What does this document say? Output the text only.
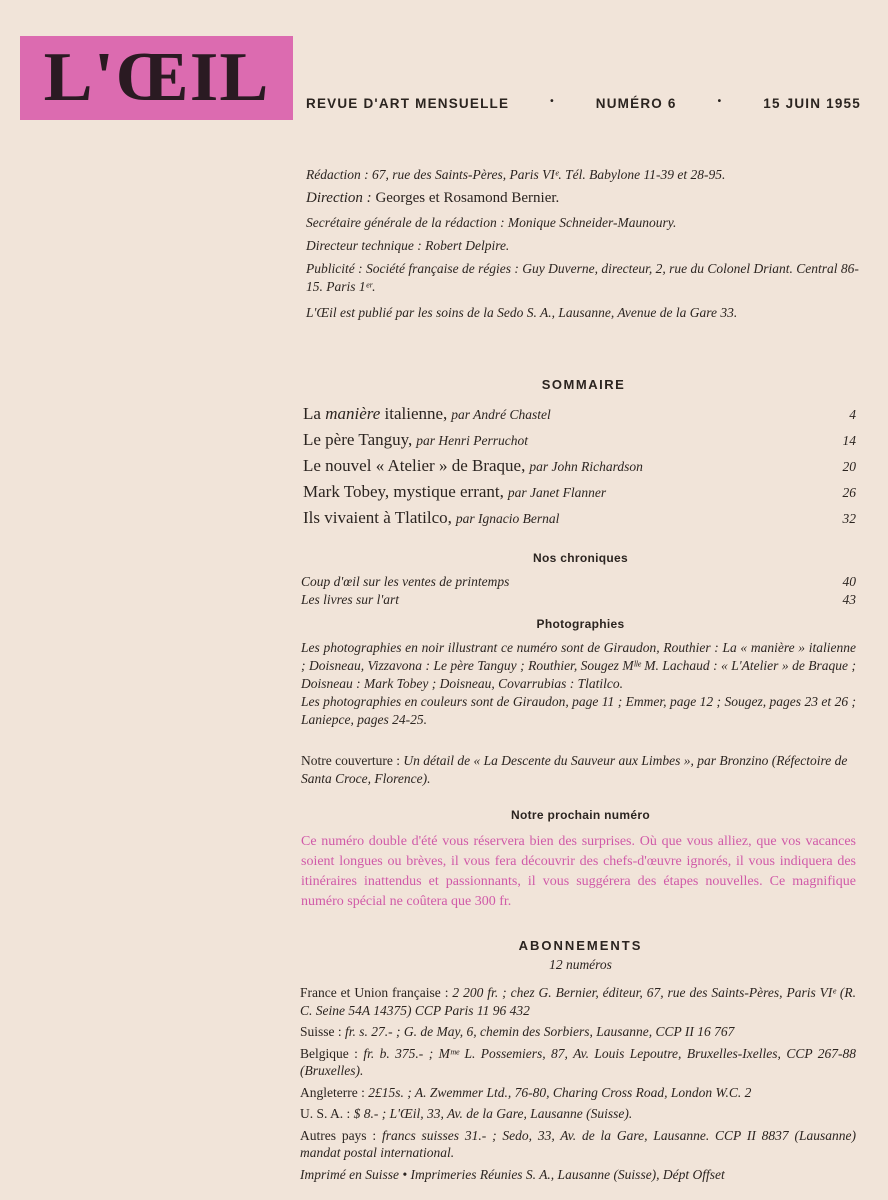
L'ŒIL	REVUE D'ART MENSUELLE	•	NUMÉRO 6	•	15 JUIN 1955
Rédaction : 67, rue des Saints-Pères, Paris VIᵉ. Tél. Babylone 11-39 et 28-95.
Direction : Georges et Rosamond Bernier.
Secrétaire générale de la rédaction : Monique Schneider-Maunoury.
Directeur technique : Robert Delpire.
Publicité : Société française de régies : Guy Duverne, directeur, 2, rue du Colonel Driant. Central 86-15. Paris 1ᵉʳ.
L'Œil est publié par les soins de la Sedo S. A., Lausanne, Avenue de la Gare 33.
SOMMAIRE
La manière italienne, par André Chastel	4
Le père Tanguy, par Henri Perruchot	14
Le nouvel « Atelier » de Braque, par John Richardson	20
Mark Tobey, mystique errant, par Janet Flanner	26
Ils vivaient à Tlatilco, par Ignacio Bernal	32
Nos chroniques
Coup d'œil sur les ventes de printemps	40
Les livres sur l'art	43
Photographies
Les photographies en noir illustrant ce numéro sont de Giraudon, Routhier : La « manière » italienne ; Doisneau, Vizzavona : Le père Tanguy ; Routhier, Sougez Mˡˡᵉ M. Lachaud : « L'Atelier » de Braque ; Doisneau : Mark Tobey ; Doisneau, Covarrubias : Tlatilco.
Les photographies en couleurs sont de Giraudon, page 11 ; Emmer, page 12 ; Sougez, pages 23 et 26 ; Laniepce, pages 24-25.
Notre couverture : Un détail de « La Descente du Sauveur aux Limbes », par Bronzino (Réfectoire de Santa Croce, Florence).
Notre prochain numéro
Ce numéro double d'été vous réservera bien des surprises. Où que vous alliez, que vos vacances soient longues ou brèves, il vous fera découvrir des chefs-d'œuvre ignorés, il vous indiquera des itinéraires inattendus et passionnants, il vous suggérera des étapes nouvelles. Ce magnifique numéro spécial ne coûtera que 300 fr.
ABONNEMENTS
12 numéros
France et Union française : 2 200 fr. ; chez G. Bernier, éditeur, 67, rue des Saints-Pères, Paris VIᵉ (R. C. Seine 54A 14375) CCP Paris 11 96 432
Suisse : fr. s. 27.- ; G. de May, 6, chemin des Sorbiers, Lausanne, CCP II 16 767
Belgique : fr. b. 375.- ; Mᵐᵉ L. Possemiers, 87, Av. Louis Lepoutre, Bruxelles-Ixelles, CCP 267-88 (Bruxelles).
Angleterre : 2£15s. ; A. Zwemmer Ltd., 76-80, Charing Cross Road, London W.C. 2
U. S. A. : $ 8.- ; L'Œil, 33, Av. de la Gare, Lausanne (Suisse).
Autres pays : francs suisses 31.- ; Sedo, 33, Av. de la Gare, Lausanne. CCP II 8837 (Lausanne) mandat postal international.
Imprimé en Suisse • Imprimeries Réunies S. A., Lausanne (Suisse), Dépt Offset
